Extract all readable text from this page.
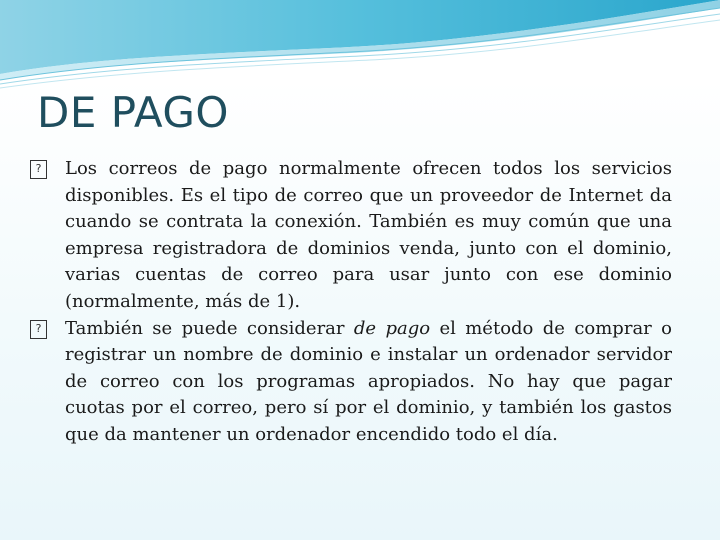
DE PAGO

?	Los correos de pago normalmente ofrecen todos los servicios disponibles. Es el tipo de correo que un proveedor de Internet da cuando se contrata la conexión. También es muy común que una empresa registradora de dominios venda, junto con el dominio, varias cuentas de correo para usar junto con ese dominio (normalmente, más de 1).

?	También se puede considerar de pago el método de comprar o registrar un nombre de dominio e instalar un ordenador servidor de correo con los programas apropiados. No hay que pagar cuotas por el correo, pero sí por el dominio, y también los gastos que da mantener un ordenador encendido todo el día.
